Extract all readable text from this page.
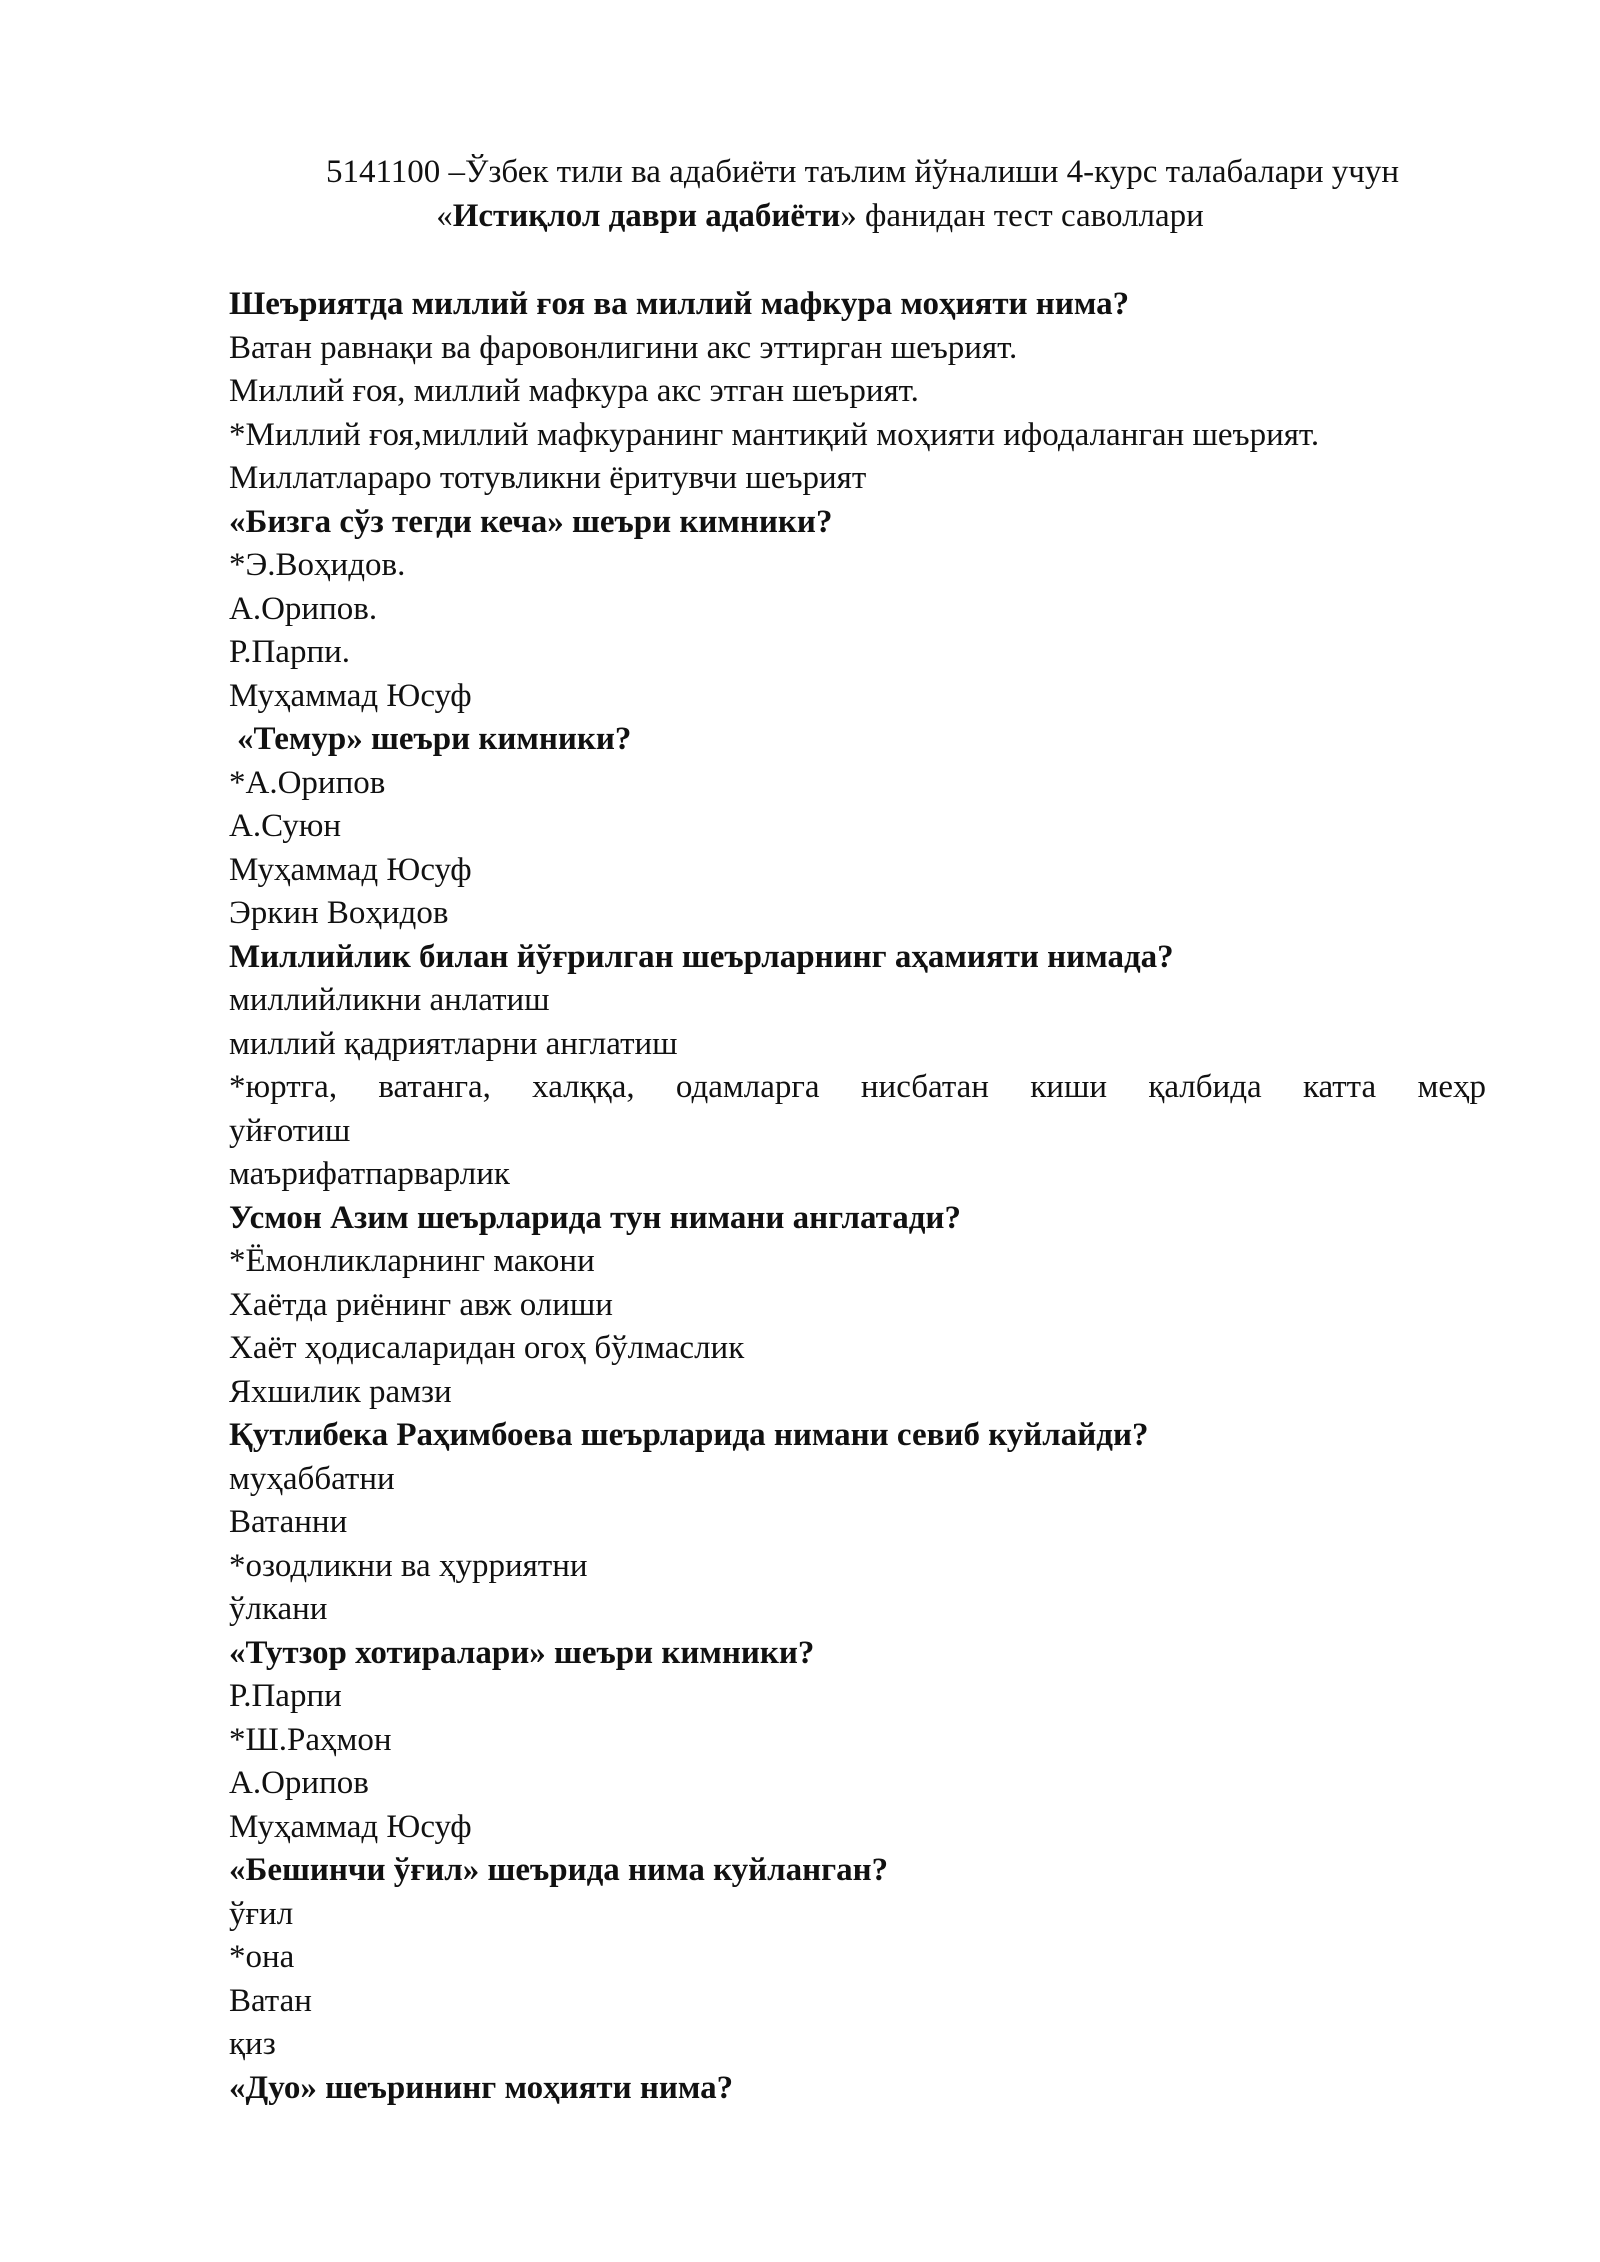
5141100 –Ўзбек тили ва адабиёти таълим йўналиши 4-курс талабалари учун
«Истиқлол даври адабиёти» фанидан тест саволлари
Шеъриятда миллий ғоя ва миллий мафкура моҳияти нима?
Ватан равнақи ва фаровонлигини акс эттирган шеърият.
Миллий ғоя, миллий мафкура акс этган шеърият.
*Миллий ғоя,миллий мафкуранинг мантиқий моҳияти ифодаланган шеърият.
Миллатлараро тотувликни ёритувчи шеърият
«Бизга сўз тегди кеча» шеъри кимники?
*Э.Воҳидов.
А.Орипов.
Р.Парпи.
Муҳаммад Юсуф
«Темур» шеъри кимники?
*А.Орипов
А.Суюн
Муҳаммад Юсуф
Эркин Воҳидов
Миллийлик билан йўғрилган шеърларнинг аҳамияти нимада?
миллийликни анлатиш
миллий қадриятларни англатиш
*юртга, ватанга, халққа, одамларга нисбатан киши қалбида катта меҳр
уйғотиш
маърифатпарварлик
Усмон Азим шеърларида тун нимани англатади?
*Ёмонликларнинг макони
Хаётда риёнинг авж олиши
Хаёт ҳодисаларидан огоҳ бўлмаслик
Яхшилик рамзи
Қутлибека Раҳимбоева шеърларида нимани севиб куйлайди?
муҳаббатни
Ватанни
*озодликни ва ҳурриятни
ўлкани
«Тутзор хотиралари» шеъри кимники?
Р.Парпи
*Ш.Раҳмон
А.Орипов
Муҳаммад Юсуф
«Бешинчи ўғил» шеърида нима куйланган?
ўғил
*она
Ватан
қиз
«Дуо» шеърининг моҳияти нима?
